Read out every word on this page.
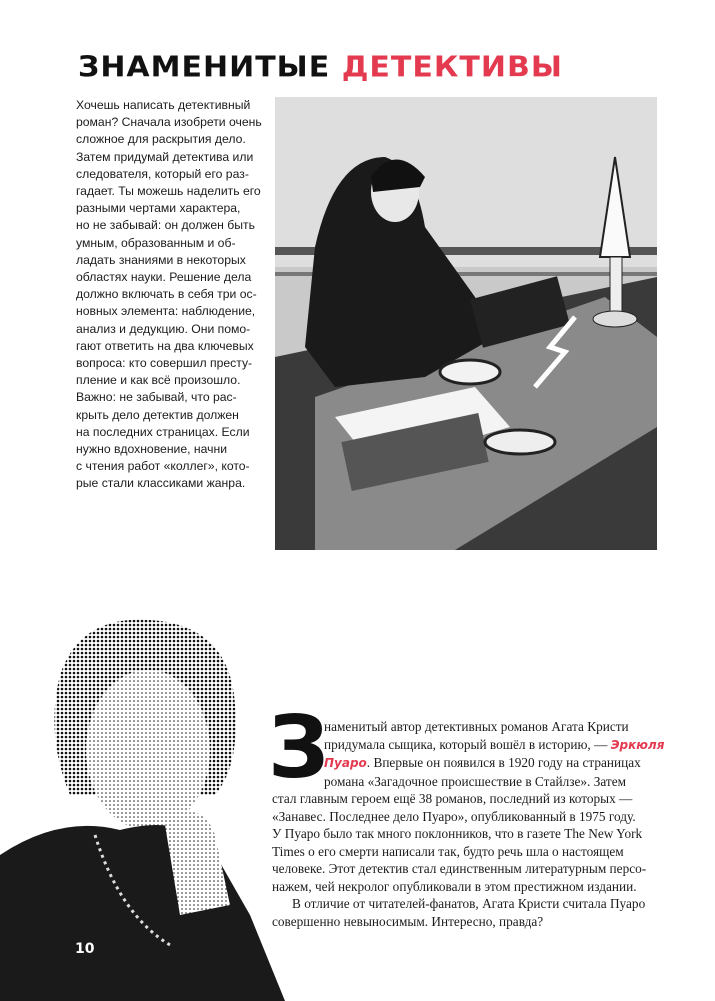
ЗНАМЕНИТЫЕ ДЕТЕКТИВЫ
Хочешь написать детективный
роман? Сначала изобрети очень
сложное для раскрытия дело.
Затем придумай детектива или
следователя, который его раз-
гадает. Ты можешь наделить его
разными чертами характера,
но не забывай: он должен быть
умным, образованным и об-
ладать знаниями в некоторых
областях науки. Решение дела
должно включать в себя три ос-
новных элемента: наблюдение,
анализ и дедукцию. Они помо-
гают ответить на два ключевых
вопроса: кто совершил престу-
пление и как всё произошло.
Важно: не забывай, что рас-
крыть дело детектив должен
на последних страницах. Если
нужно вдохновение, начни
с чтения работ «коллег», кото-
рые стали классиками жанра.
З
наменитый автор детективных романов Агата Кристи
придумала сыщика, который вошёл в историю, — Эркюля
Пуаро. Впервые он появился в 1920 году на страницах
романа «Загадочное происшествие в Стайлзе». Затем
стал главным героем ещё 38 романов, последний из которых —
«Занавес. Последнее дело Пуаро», опубликованный в 1975 году.
У Пуаро было так много поклонников, что в газете The New York
Times о его смерти написали так, будто речь шла о настоящем
человеке. Этот детектив стал единственным литературным персо-
нажем, чей некролог опубликовали в этом престижном издании.
В отличие от читателей-фанатов, Агата Кристи считала Пуаро
совершенно невыносимым. Интересно, правда?
10
